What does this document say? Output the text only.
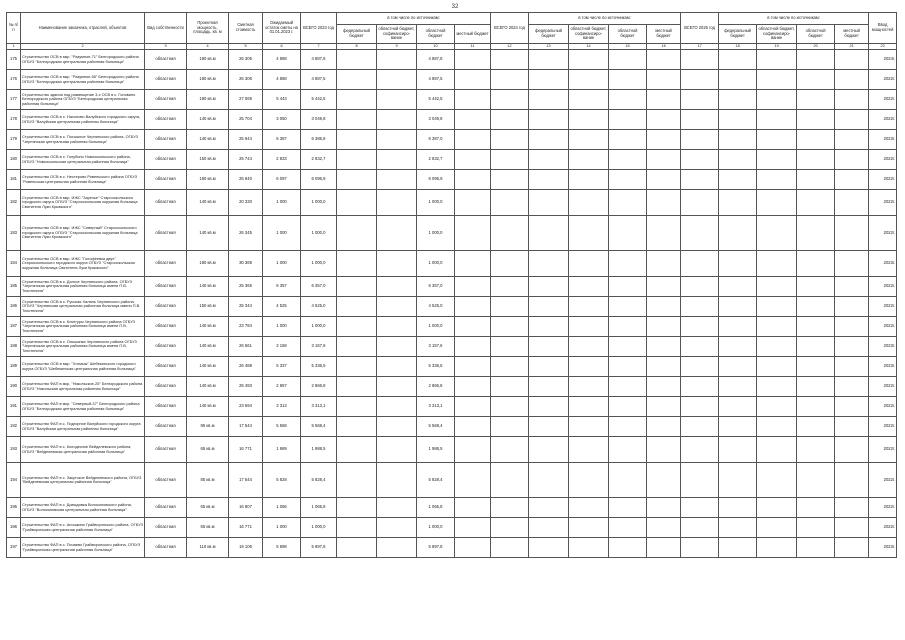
32
№ п/п	Наименование заказчика, отраслей, объектов	Вид собственности	Проектная мощность, площадь, кв. м	Сметная стоимость	Ожидаемый остаток сметы на 01.01.2023 г.	ВСЕГО 2023 год	в том числе по источникам:				ВСЕГО 2024 год	в том числе по источникам:				ВСЕГО 2025 год	в том числе по источникам:				Ввод мощностей
							федеральный бюджет	областной бюджет, софинансиро-вание	областной бюджет	местный бюджет		федеральный бюджет	областной бюджет, софинансиро-вание	областной бюджет	местный бюджет		федеральный бюджет	областной бюджет, софинансиро-вание	областной бюджет	местный бюджет	
1	2	3	4	5	6	7	8	9	10	11	12	13	14	15	16	17	18	19	20	21	22
175	Строительство ОСВ в мкр. "Разумное-71" Белгородского района ОГБУЗ "Белгородская центральная районная больница"	областная	180 кв.м	26 305	4 888	4 887,8			4 887,8												2024г.
176	Строительство ОСВ в мкр. "Разумное-55" Белгородского района ОГБУЗ "Белгородская центральная районная больница"	областная	180 кв.м	26 306	4 888	4 887,5			4 887,5												2022г.
177	Строительство здания под размещение 3-х ОСВ в с. Головино Белгородского района ОГБУЗ "Белгородская центральная районная больница"	областная	180 кв.м	27 069	5 443	5 442,5			5 442,5												2022г.
178	Строительство ОСВ в с. Насоново Валуйского городского округа, ОГБУЗ "Валуйская центральная районная больница"	областная	140 кв.м	25 704	3 050	3 049,8			3 049,8												2022г.
179	Строительство ОСВ в с. Посошное Чернянского района, ОГБУЗ "Чернянская центральная районная больница"	областная	140 кв.м	25 944	6 387	6 386,8			6 387,0												2023г.
180	Строительство ОСВ в с. Голубино Новооскольского района, ОГБУЗ "Новооскольская центральная районная больница"	областная	150 кв.м	25 744	2 833	2 832,7			2 832,7												2022г.
181	Строительство ОСВ в с. Нестерово Ровеньского района ОГБУЗ "Ровеньская центральная районная больница"	областная	160 кв.м	26 940	6 097	6 096,9			6 096,9												2022г.
182	Строительство ОСВ в мкр. ИЖС "Заречье" Старооскольского городского округа ОГБУЗ "Старооскольская окружная больница Святителя Луки Крымского"	областная	140 кв.м	20 330	1 000	1 000,0			1 000,0												2022г.
183	Строительство ОСВ в мкр. ИЖС "Северный" Старооскольского городского округа ОГБУЗ "Старооскольская окружная больница Святителя Луки Крымского"	областная	140 кв.м	26 345	1 000	1 000,0			1 000,0												2022г.
184	Строительство ОСВ в мкр. ИЖС "Голофеевка двух" Старооскольского городского округа ОГБУЗ "Старооскольская окружная больница Святителя Луки Крымского"	областная	180 кв.м	30 369	1 000	1 000,0			1 000,0												2023г.
185	Строительство ОСВ в с. Долгое Чернянского района, ОГБУЗ "Чернянская центральная районная больница имени П.В. Тихотенина"	областная	140 кв.м	25 365	6 357	6 357,0			6 357,0												2022г.
186	Строительство ОСВ в с. Русская Халань Чернянского района, ОГБУЗ "Чернянская центральная районная больница имени П.В. Тихотенина"	областная	150 кв.м	25 344	4 525	4 525,0			4 525,0												2022г.
187	Строительство ОСВ в с. Кочегуры Чернянского района ОГБУЗ "Чернянская центральная районная больница имени П.В. Тихотенина"	областная	140 кв.м	23 784	1 000	1 000,0			1 000,0												2022г.
188	Строительство ОСВ в с. Ольшанка Чернянского района ОГБУЗ "Чернянская центральная районная больница имени П.В. Тихотенина"	областная	140 кв.м	26 561	3 158	3 157,6			3 157,6												2023г.
189	Строительство ОСВ в мкр. "Хотмыж" Шебекинского городского округа ОГБУЗ "Шебекинская центральная районная больница"	областная	140 кв.м	26 488	5 337	5 336,5			5 336,5												2023г.
190	Строительство ФАП в мкр. "Никольское-25" Белгородского района ОГБУЗ "Никольская центральная районная больница"	областная	140 кв.м	25 493	2 867	2 866,8			2 866,8												2022г.
191	Строительство ФАП в мкр. "Северный-37" Белгородского района ОГБУЗ "Белгородская центральная районная больница"	областная	140 кв.м	23 694	3 313	3 313,1			3 313,1												2022г.
192	Строительство ФАП в с. Подгорное Валуйского городского округа ОГБУЗ "Валуйская центральная районная больница"	областная	85 кв.м	17 544	5 568	5 568,4			5 568,4												2022г.
193	Строительство ФАП в с. Колодезное Вейделевского района, ОГБУЗ "Вейделевская центральная районная больница"	областная	65 кв.м	16 771	1 989	1 988,5			1 988,5												2022г.
194	Строительство ФАП в с. Закутское Вейделевского района, ОГБУЗ "Вейделевская центральная районная больница"	областная	85 кв.м	17 544	5 828	5 828,4			5 828,4												2022г.
195	Строительство ФАП в с. Довыдовка Волоконовского района, ОГБУЗ "Волоконовская центральная районная больница"	областная	65 кв.м	16 807	1 066	1 065,8			1 065,8												2022г.
196	Строительство ФАП в с. Аношкино Грайворонского района, ОГБУЗ "Грайворонская центральная районная больница"	областная	65 кв.м	16 771	1 000	1 000,0			1 000,0												2022г.
197	Строительство ФАП в с. Почаево Грайворонского района, ОГБУЗ "Грайворонская центральная районная больница"	областная	110 кв.м	19 106	5 898	5 897,8			5 897,8												2023г.
